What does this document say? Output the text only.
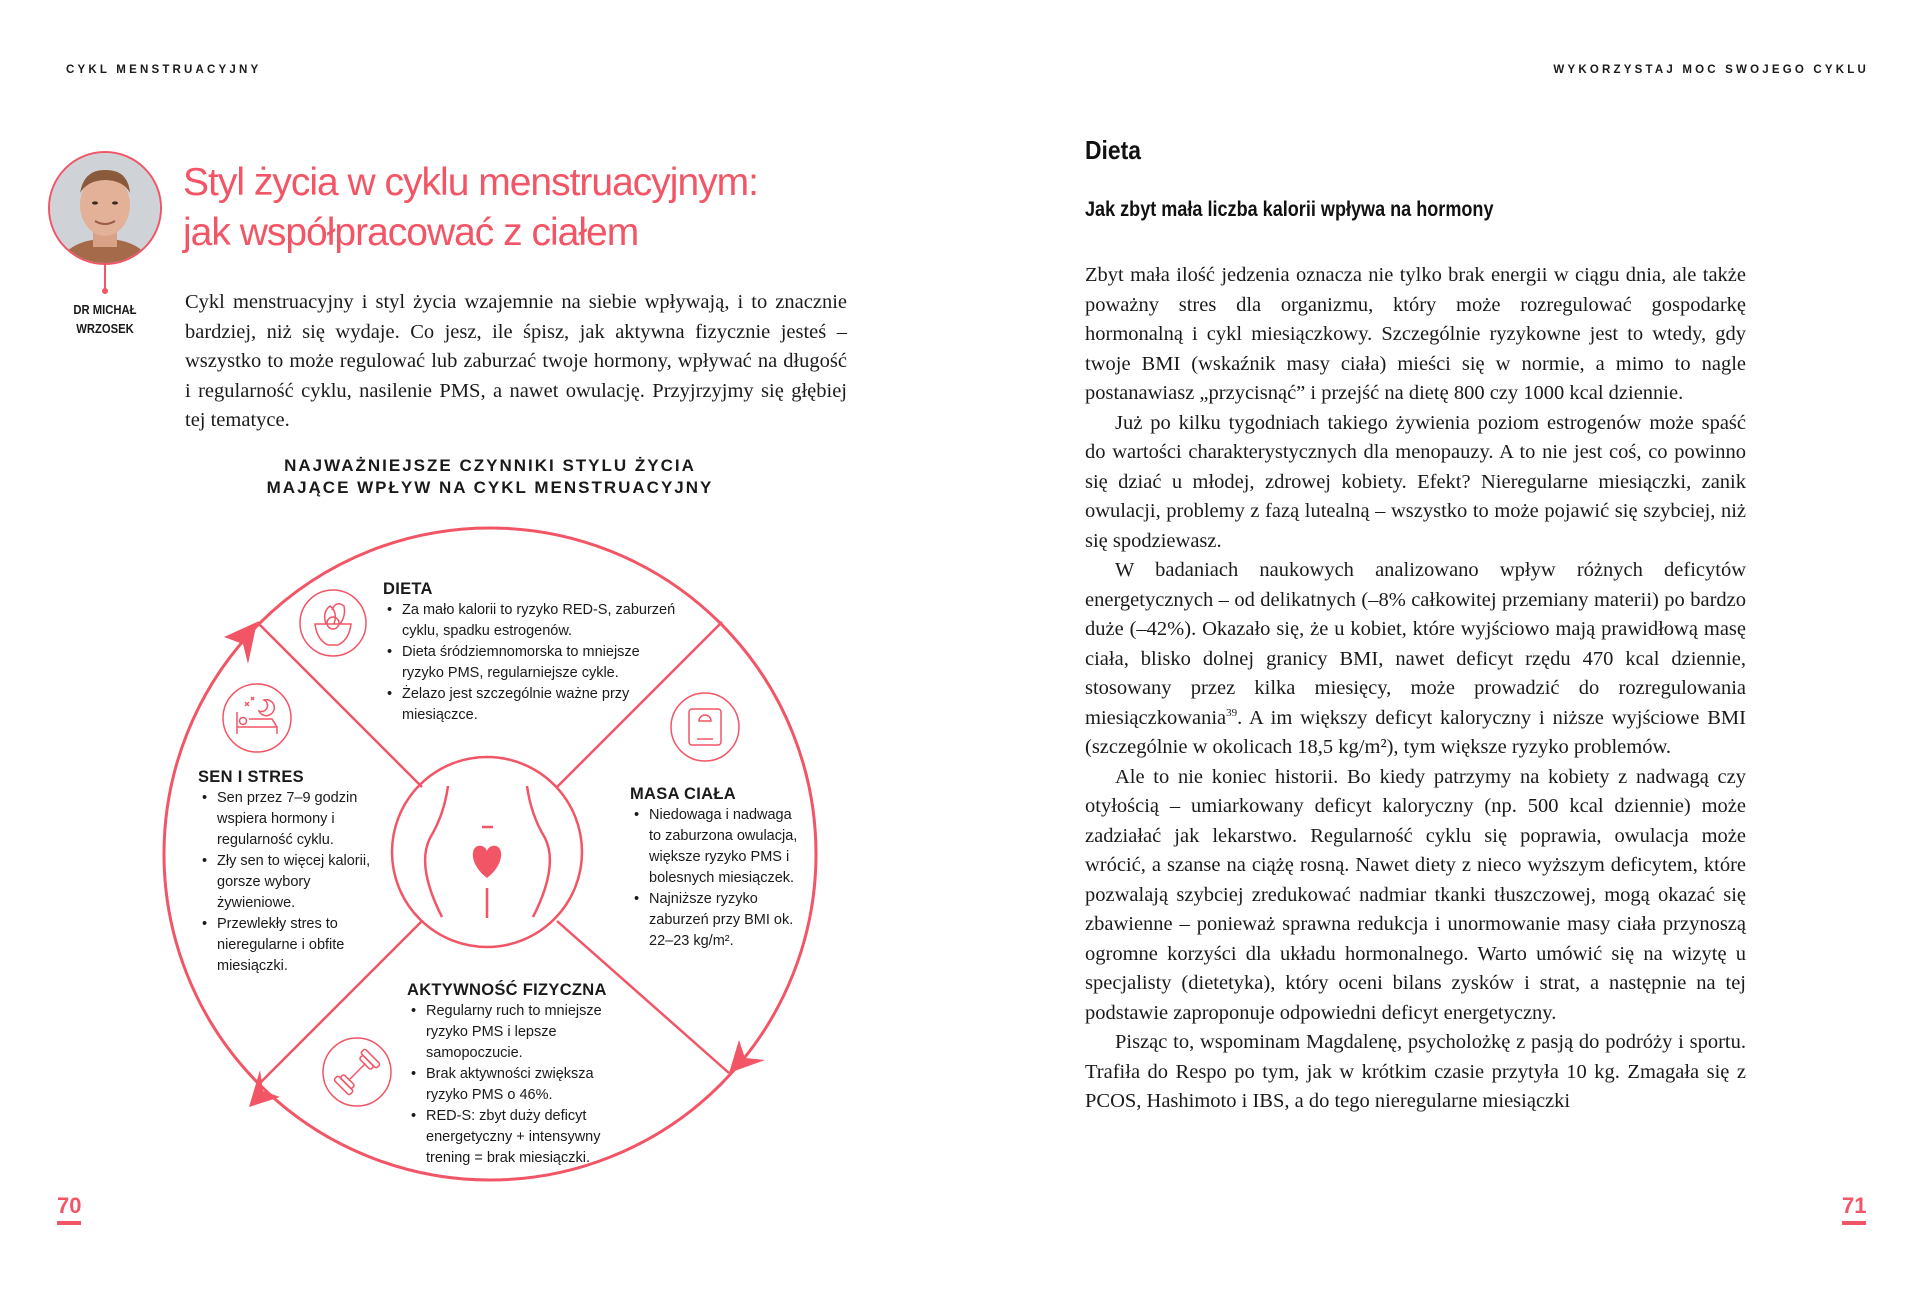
CYKL MENSTRUACYJNY
DR MICHAŁ
WRZOSEK
Styl życia w cyklu menstruacyjnym:
jak współpracować z ciałem
Cykl menstruacyjny i styl życia wzajemnie na siebie wpływają, i to znacznie bardziej, niż się wydaje. Co jesz, ile śpisz, jak aktywna fizycznie jesteś – wszystko to może regulować lub zaburzać twoje hormony, wpływać na długość i regularność cyklu, nasilenie PMS, a nawet owulację. Przyjrzyjmy się głębiej tej tematyce.
NAJWAŻNIEJSZE CZYNNIKI STYLU ŻYCIA
MAJĄCE WPŁYW NA CYKL MENSTRUACYJNY
DIETA
• Za mało kalorii to ryzyko RED-S, zaburzeń cyklu, spadku estrogenów.
• Dieta śródziemnomorska to mniejsze ryzyko PMS, regularniejsze cykle.
• Żelazo jest szczególnie ważne przy miesiączce.
MASA CIAŁA
• Niedowaga i nadwaga to zaburzona owulacja, większe ryzyko PMS i bolesnych miesiączek.
• Najniższe ryzyko zaburzeń przy BMI ok. 22–23 kg/m².
AKTYWNOŚĆ FIZYCZNA
• Regularny ruch to mniejsze ryzyko PMS i lepsze samopoczucie.
• Brak aktywności zwiększa ryzyko PMS o 46%.
• RED-S: zbyt duży deficyt energetyczny + intensywny trening = brak miesiączki.
SEN I STRES
• Sen przez 7–9 godzin wspiera hormony i regularność cyklu.
• Zły sen to więcej kalorii, gorsze wybory żywieniowe.
• Przewlekły stres to nieregularne i obfite miesiączki.
70
WYKORZYSTAJ MOC SWOJEGO CYKLU
Dieta
Jak zbyt mała liczba kalorii wpływa na hormony

Zbyt mała ilość jedzenia oznacza nie tylko brak energii w ciągu dnia, ale także poważny stres dla organizmu, który może rozregulować gospodarkę hormonalną i cykl miesiączkowy. Szczególnie ryzykowne jest to wtedy, gdy twoje BMI (wskaźnik masy ciała) mieści się w normie, a mimo to nagle postanawiasz „przycisnąć” i przejść na dietę 800 czy 1000 kcal dziennie.

Już po kilku tygodniach takiego żywienia poziom estrogenów może spaść do wartości charakterystycznych dla menopauzy. A to nie jest coś, co powinno się dziać u młodej, zdrowej kobiety. Efekt? Nieregularne miesiączki, zanik owulacji, problemy z fazą lutealną – wszystko to może pojawić się szybciej, niż się spodziewasz.

W badaniach naukowych analizowano wpływ różnych deficytów energetycznych – od delikatnych (–8% całkowitej przemiany materii) po bardzo duże (–42%). Okazało się, że u kobiet, które wyjściowo mają prawidłową masę ciała, blisko dolnej granicy BMI, nawet deficyt rzędu 470 kcal dziennie, stosowany przez kilka miesięcy, może prowadzić do rozregulowania miesiączkowania$^{39}$. A im większy deficyt kaloryczny i niższe wyjściowe BMI (szczególnie w okolicach 18,5 kg/m²), tym większe ryzyko problemów.

Ale to nie koniec historii. Bo kiedy patrzymy na kobiety z nadwagą czy otyłością – umiarkowany deficyt kaloryczny (np. 500 kcal dziennie) może zadziałać jak lekarstwo. Regularność cyklu się poprawia, owulacja może wrócić, a szanse na ciążę rosną. Nawet diety z nieco wyższym deficytem, które pozwalają szybciej zredukować nadmiar tkanki tłuszczowej, mogą okazać się zbawienne – ponieważ sprawna redukcja i unormowanie masy ciała przynoszą ogromne korzyści dla układu hormonalnego. Warto umówić się na wizytę u specjalisty (dietetyka), który oceni bilans zysków i strat, a następnie na tej podstawie zaproponuje odpowiedni deficyt energetyczny.

Pisząc to, wspominam Magdalenę, psycholożkę z pasją do podróży i sportu. Trafiła do Respo po tym, jak w krótkim czasie przytyła 10 kg. Zmagała się z PCOS, Hashimoto i IBS, a do tego nieregularne miesiączki

71
